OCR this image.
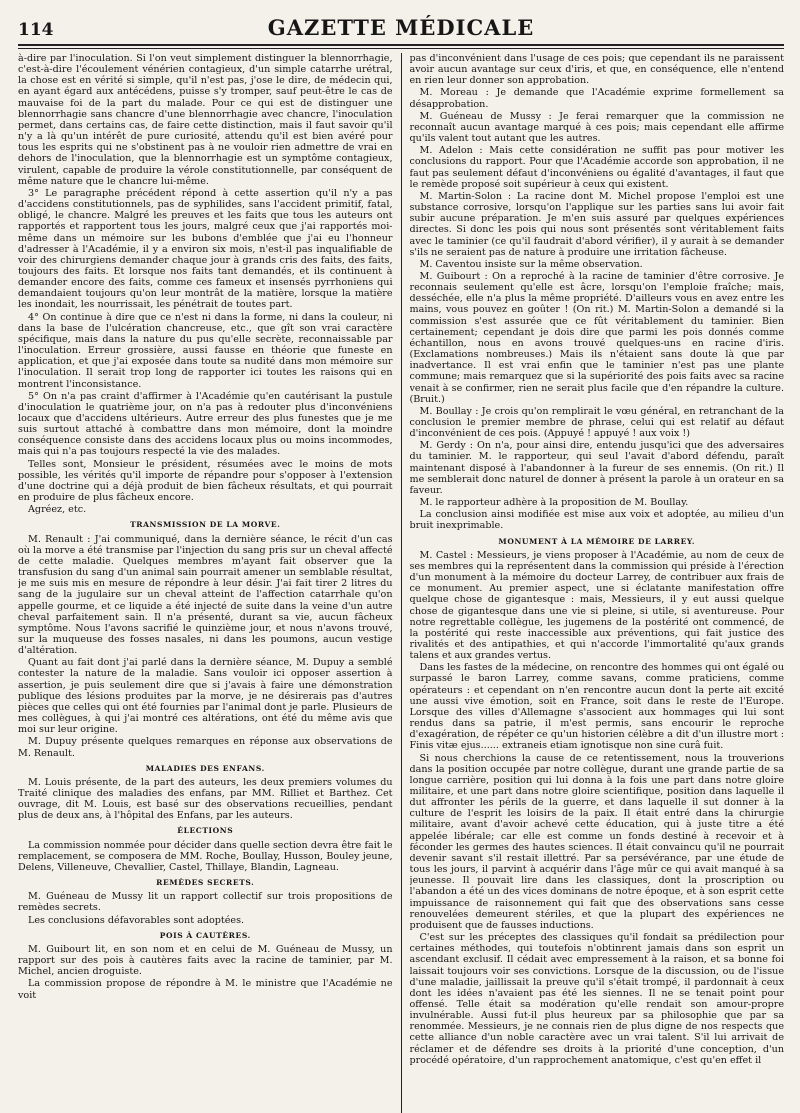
114	GAZETTE MÉDICALE

à-dire par l'inoculation. Si l'on veut simplement distinguer la blennorrhagie, c'est-à-dire l'écoulement vénérien contagieux, d'un simple catarrhe urétral, la chose est en vérité si simple, qu'il n'est pas, j'ose le dire, de médecin qui, en ayant égard aux antécédens, puisse s'y tromper, sauf peut-être le cas de mauvaise foi de la part du malade. Pour ce qui est de distinguer une blennorrhagie sans chancre d'une blennorrhagie avec chancre, l'inoculation permet, dans certains cas, de faire cette distinction, mais il faut savoir qu'il n'y a là qu'un intérêt de pure curiosité, attendu qu'il est bien avéré pour tous les esprits qui ne s'obstinent pas à ne vouloir rien admettre de vrai en dehors de l'inoculation, que la blennorrhagie est un symptôme contagieux, virulent, capable de produire la vérole constitutionnelle, par conséquent de même nature que le chancre lui-même.

3° Le paragraphe précédent répond à cette assertion qu'il n'y a pas d'accidens constitutionnels, pas de syphilides, sans l'accident primitif, fatal, obligé, le chancre. Malgré les preuves et les faits que tous les auteurs ont rapportés et rapportent tous les jours, malgré ceux que j'ai rapportés moi-même dans un mémoire sur les bubons d'emblée que j'ai eu l'honneur d'adresser à l'Académie, il y a environ six mois, n'est-il pas inqualifiable de voir des chirurgiens demander chaque jour à grands cris des faits, des faits, toujours des faits. Et lorsque nos faits tant demandés, et ils continuent à demander encore des faits, comme ces fameux et insensés pyrrhoniens qui demandaient toujours qu'on leur montrât de la matière, lorsque la matière les inondait, les nourrissait, les pénétrait de toutes part.

4° On continue à dire que ce n'est ni dans la forme, ni dans la couleur, ni dans la base de l'ulcération chancreuse, etc., que gît son vrai caractère spécifique, mais dans la nature du pus qu'elle secrète, reconnaissable par l'inoculation. Erreur grossière, aussi fausse en théorie que funeste en application, et que j'ai exposée dans toute sa nudité dans mon mémoire sur l'inoculation. Il serait trop long de rapporter ici toutes les raisons qui en montrent l'inconsistance.

5° On n'a pas craint d'affirmer à l'Académie qu'en cautérisant la pustule d'inoculation le quatrième jour, on n'a pas à redouter plus d'inconvéniens locaux que d'accidens ultérieurs. Autre erreur des plus funestes que je me suis surtout attaché à combattre dans mon mémoire, dont la moindre conséquence consiste dans des accidens locaux plus ou moins incommodes, mais qui n'a pas toujours respecté la vie des malades.

Telles sont, Monsieur le président, résumées avec le moins de mots possible, les vérités qu'il importe de répandre pour s'opposer à l'extension d'une doctrine qui a déjà produit de bien fâcheux résultats, et qui pourrait en produire de plus fâcheux encore.

Agréez, etc.

TRANSMISSION DE LA MORVE.

M. Renault : J'ai communiqué, dans la dernière séance, le récit d'un cas où la morve a été transmise par l'injection du sang pris sur un cheval affecté de cette maladie. Quelques membres m'ayant fait observer que la transfusion du sang d'un animal sain pourrait amener un semblable résultat, je me suis mis en mesure de répondre à leur désir. J'ai fait tirer 2 litres du sang de la jugulaire sur un cheval atteint de l'affection catarrhale qu'on appelle gourme, et ce liquide a été injecté de suite dans la veine d'un autre cheval parfaitement sain. Il n'a présenté, durant sa vie, aucun fâcheux symptôme. Nous l'avons sacrifié le quinzième jour, et nous n'avons trouvé, sur la muqueuse des fosses nasales, ni dans les poumons, aucun vestige d'altération.

Quant au fait dont j'ai parlé dans la dernière séance, M. Dupuy a semblé contester la nature de la maladie. Sans vouloir ici opposer assertion à assertion, je puis seulement dire que si j'avais à faire une démonstration publique des lésions produites par la morve, je ne désirerais pas d'autres pièces que celles qui ont été fournies par l'animal dont je parle. Plusieurs de mes collègues, à qui j'ai montré ces altérations, ont été du même avis que moi sur leur origine.

M. Dupuy présente quelques remarques en réponse aux observations de M. Renault.

MALADIES DES ENFANS.

M. Louis présente, de la part des auteurs, les deux premiers volumes du Traité clinique des maladies des enfans, par MM. Rilliet et Barthez. Cet ouvrage, dit M. Louis, est basé sur des observations recueillies, pendant plus de deux ans, à l'hôpital des Enfans, par les auteurs.

ÉLECTIONS

La commission nommée pour décider dans quelle section devra être fait le remplacement, se composera de MM. Roche, Boullay, Husson, Bouley jeune, Delens, Villeneuve, Chevallier, Castel, Thillaye, Blandin, Lagneau.

REMÈDES SECRETS.

M. Guéneau de Mussy lit un rapport collectif sur trois propositions de remèdes secrets.

Les conclusions défavorables sont adoptées.

POIS À CAUTÈRES.

M. Guibourt lit, en son nom et en celui de M. Guéneau de Mussy, un rapport sur des pois à cautères faits avec la racine de taminier, par M. Michel, ancien droguiste.

La commission propose de répondre à M. le ministre que l'Académie ne voit

pas d'inconvénient dans l'usage de ces pois; que cependant ils ne paraissent avoir aucun avantage sur ceux d'iris, et que, en conséquence, elle n'entend en rien leur donner son approbation.

M. Moreau : Je demande que l'Académie exprime formellement sa désapprobation.

M. Guéneau de Mussy : Je ferai remarquer que la commission ne reconnaît aucun avantage marqué à ces pois; mais cependant elle affirme qu'ils valent tout autant que les autres.

M. Adelon : Mais cette considération ne suffit pas pour motiver les conclusions du rapport. Pour que l'Académie accorde son approbation, il ne faut pas seulement défaut d'inconvéniens ou égalité d'avantages, il faut que le remède proposé soit supérieur à ceux qui existent.

M. Martin-Solon : La racine dont M. Michel propose l'emploi est une substance corrosive, lorsqu'on l'applique sur les parties sans lui avoir fait subir aucune préparation. Je m'en suis assuré par quelques expériences directes. Si donc les pois qui nous sont présentés sont véritablement faits avec le taminier (ce qu'il faudrait d'abord vérifier), il y aurait à se demander s'ils ne seraient pas de nature à produire une irritation fâcheuse.

M. Caventou insiste sur la même observation.

M. Guibourt : On a reproché à la racine de taminier d'être corrosive. Je reconnais seulement qu'elle est âcre, lorsqu'on l'emploie fraîche; mais, desséchée, elle n'a plus la même propriété. D'ailleurs vous en avez entre les mains, vous pouvez en goûter ! (On rit.) M. Martin-Solon a demandé si la commission s'est assurée que ce fût véritablement du taminier. Bien certainement; cependant je dois dire que parmi les pois donnés comme échantillon, nous en avons trouvé quelques-uns en racine d'iris. (Exclamations nombreuses.) Mais ils n'étaient sans doute là que par inadvertance. Il est vrai enfin que le taminier n'est pas une plante commune; mais remarquez que si la supériorité des pois faits avec sa racine venait à se confirmer, rien ne serait plus facile que d'en répandre la culture. (Bruit.)

M. Boullay : Je crois qu'on remplirait le vœu général, en retranchant de la conclusion le premier membre de phrase, celui qui est relatif au défaut d'inconvénient de ces pois. (Appuyé ! appuyé ! aux voix !)

M. Gerdy : On n'a, pour ainsi dire, entendu jusqu'ici que des adversaires du taminier. M. le rapporteur, qui seul l'avait d'abord défendu, paraît maintenant disposé à l'abandonner à la fureur de ses ennemis. (On rit.) Il me semblerait donc naturel de donner à présent la parole à un orateur en sa faveur.

M. le rapporteur adhère à la proposition de M. Boullay.

La conclusion ainsi modifiée est mise aux voix et adoptée, au milieu d'un bruit inexprimable.

MONUMENT À LA MÉMOIRE DE LARREY.

M. Castel : Messieurs, je viens proposer à l'Académie, au nom de ceux de ses membres qui la représentent dans la commission qui préside à l'érection d'un monument à la mémoire du docteur Larrey, de contribuer aux frais de ce monument. Au premier aspect, une si éclatante manifestation offre quelque chose de gigantesque : mais, Messieurs, il y eut aussi quelque chose de gigantesque dans une vie si pleine, si utile, si aventureuse. Pour notre regrettable collègue, les jugemens de la postérité ont commencé, de la postérité qui reste inaccessible aux préventions, qui fait justice des rivalités et des antipathies, et qui n'accorde l'immortalité qu'aux grands talens et aux grandes vertus.

Dans les fastes de la médecine, on rencontre des hommes qui ont égalé ou surpassé le baron Larrey, comme savans, comme praticiens, comme opérateurs : et cependant on n'en rencontre aucun dont la perte ait excité une aussi vive émotion, soit en France, soit dans le reste de l'Europe. Lorsque des villes d'Allemagne s'associent aux hommages qui lui sont rendus dans sa patrie, il m'est permis, sans encourir le reproche d'exagération, de répéter ce qu'un historien célèbre a dit d'un illustre mort : Finis vitæ ejus...... extraneis etiam ignotisque non sine curâ fuit.

Si nous cherchions la cause de ce retentissement, nous la trouverions dans la position occupée par notre collègue, durant une grande partie de sa longue carrière, position qui lui donna à la fois une part dans notre gloire militaire, et une part dans notre gloire scientifique, position dans laquelle il dut affronter les périls de la guerre, et dans laquelle il sut donner à la culture de l'esprit les loisirs de la paix. Il était entré dans la chirurgie militaire, avant d'avoir achevé cette éducation, qui à juste titre a été appelée libérale; car elle est comme un fonds destiné à recevoir et à féconder les germes des hautes sciences. Il était convaincu qu'il ne pourrait devenir savant s'il restait illettré. Par sa persévérance, par une étude de tous les jours, il parvint à acquérir dans l'âge mûr ce qui avait manqué à sa jeunesse. Il pouvait lire dans les classiques, dont la proscription ou l'abandon a été un des vices dominans de notre époque, et à son esprit cette impuissance de raisonnement qui fait que des observations sans cesse renouvelées demeurent stériles, et que la plupart des expériences ne produisent que de fausses inductions.

C'est sur les préceptes des classiques qu'il fondait sa prédilection pour certaines méthodes, qui toutefois n'obtinrent jamais dans son esprit un ascendant exclusif. Il cédait avec empressement à la raison, et sa bonne foi laissait toujours voir ses convictions. Lorsque de la discussion, ou de l'issue d'une maladie, jaillissait la preuve qu'il s'était trompé, il pardonnait à ceux dont les idées n'avaient pas été les siennes. Il ne se tenait point pour offensé. Telle était sa modération qu'elle rendait son amour-propre invulnérable. Aussi fut-il plus heureux par sa philosophie que par sa renommée. Messieurs, je ne connais rien de plus digne de nos respects que cette alliance d'un noble caractère avec un vrai talent. S'il lui arrivait de réclamer et de défendre ses droits à la priorité d'une conception, d'un procédé opératoire, d'un rapprochement anatomique, c'est qu'en effet il
